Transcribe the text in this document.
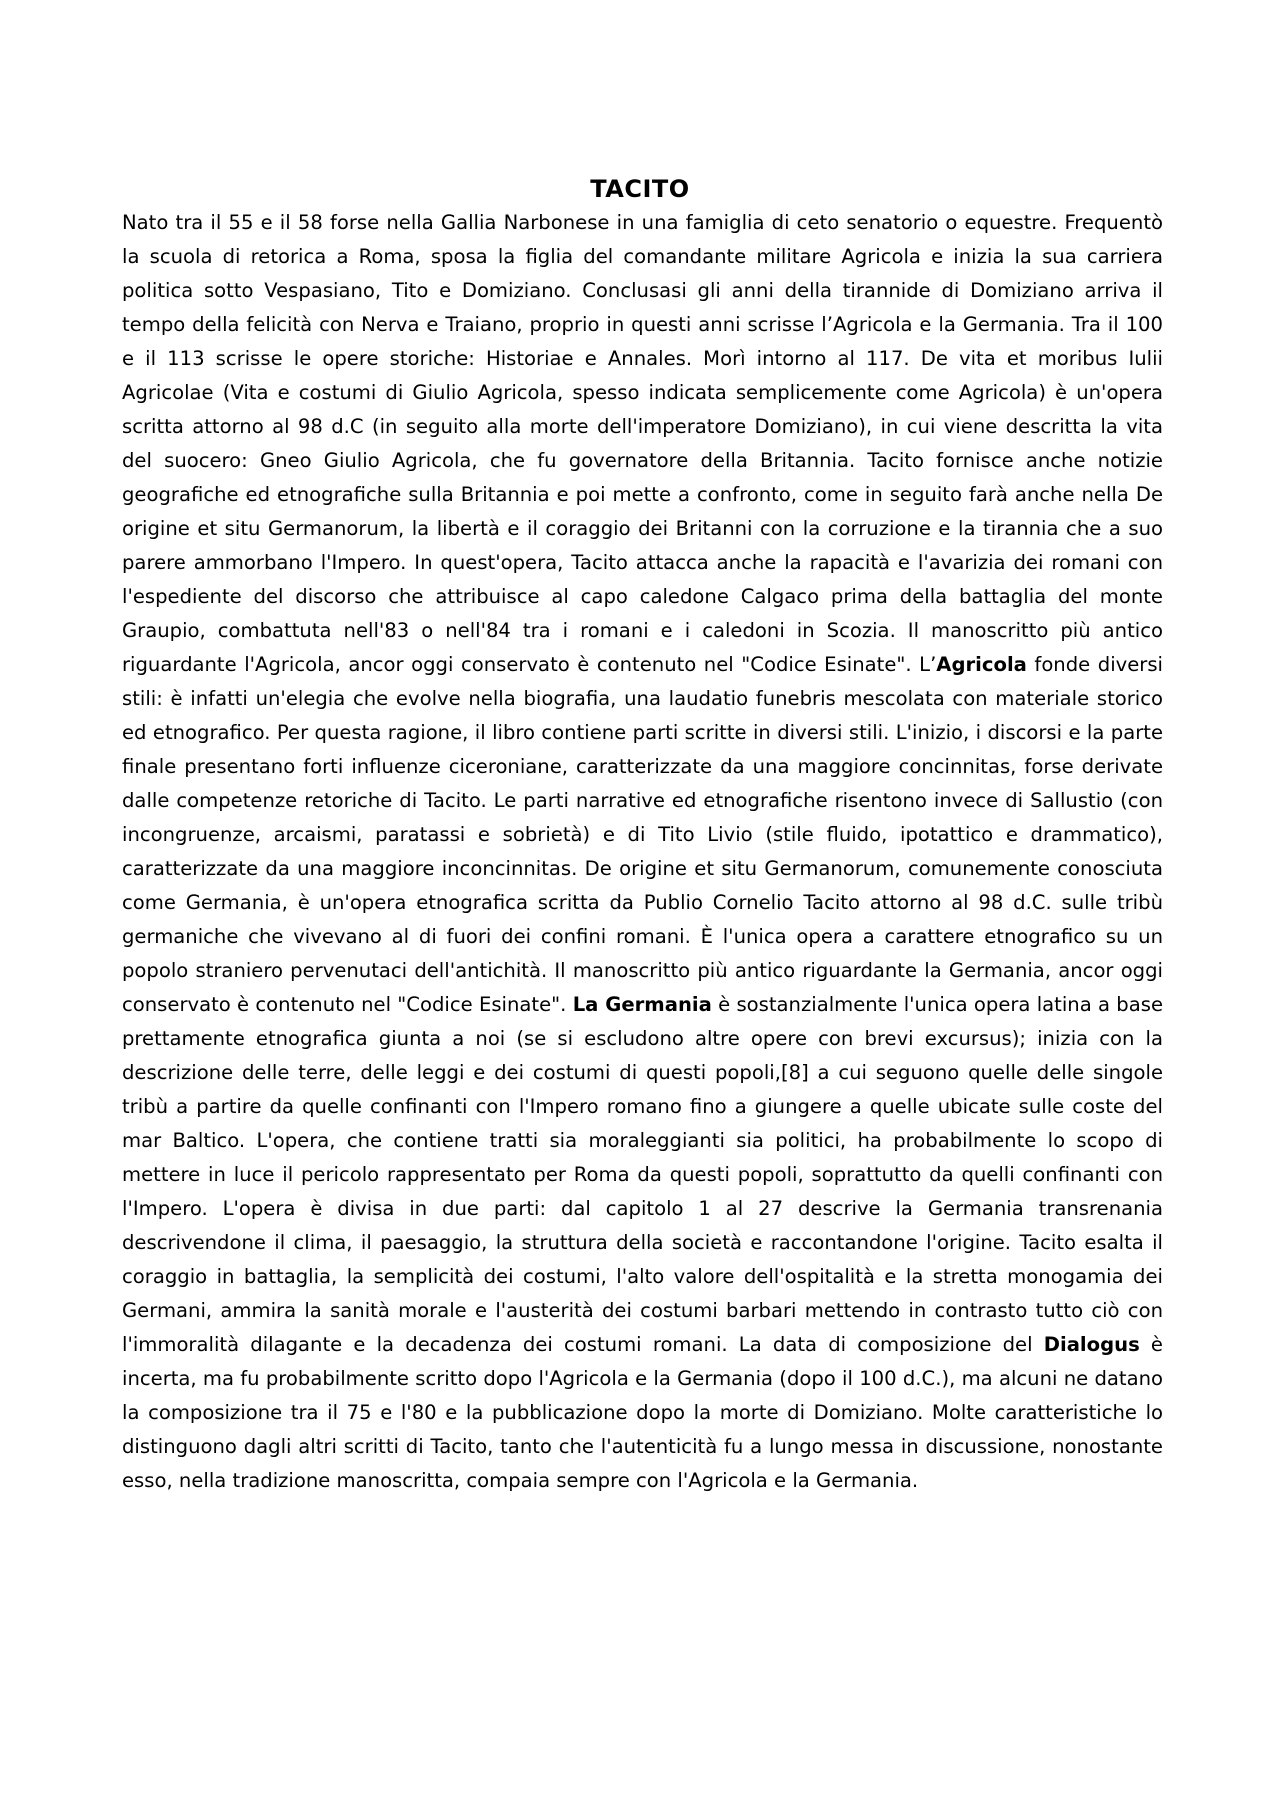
TACITO

Nato tra il 55 e il 58 forse nella Gallia Narbonese in una famiglia di ceto senatorio o equestre. Frequentò la scuola di retorica a Roma, sposa la figlia del comandante militare Agricola e inizia la sua carriera politica sotto Vespasiano, Tito e Domiziano. Conclusasi gli anni della tirannide di Domiziano arriva il tempo della felicità con Nerva e Traiano, proprio in questi anni scrisse l’Agricola e la Germania. Tra il 100 e il 113 scrisse le opere storiche: Historiae e Annales. Morì intorno al 117. De vita et moribus Iulii Agricolae (Vita e costumi di Giulio Agricola, spesso indicata semplicemente come Agricola) è un'opera scritta attorno al 98 d.C (in seguito alla morte dell'imperatore Domiziano), in cui viene descritta la vita del suocero: Gneo Giulio Agricola, che fu governatore della Britannia. Tacito fornisce anche notizie geografiche ed etnografiche sulla Britannia e poi mette a confronto, come in seguito farà anche nella De origine et situ Germanorum, la libertà e il coraggio dei Britanni con la corruzione e la tirannia che a suo parere ammorbano l'Impero. In quest'opera, Tacito attacca anche la rapacità e l'avarizia dei romani con l'espediente del discorso che attribuisce al capo caledone Calgaco prima della battaglia del monte Graupio, combattuta nell'83 o nell'84 tra i romani e i caledoni in Scozia. Il manoscritto più antico riguardante l'Agricola, ancor oggi conservato è contenuto nel "Codice Esinate". L’Agricola fonde diversi stili: è infatti un'elegia che evolve nella biografia, una laudatio funebris mescolata con materiale storico ed etnografico. Per questa ragione, il libro contiene parti scritte in diversi stili. L'inizio, i discorsi e la parte finale presentano forti influenze ciceroniane, caratterizzate da una maggiore concinnitas, forse derivate dalle competenze retoriche di Tacito. Le parti narrative ed etnografiche risentono invece di Sallustio (con incongruenze, arcaismi, paratassi e sobrietà) e di Tito Livio (stile fluido, ipotattico e drammatico), caratterizzate da una maggiore inconcinnitas. De origine et situ Germanorum, comunemente conosciuta come Germania, è un'opera etnografica scritta da Publio Cornelio Tacito attorno al 98 d.C. sulle tribù germaniche che vivevano al di fuori dei confini romani. È l'unica opera a carattere etnografico su un popolo straniero pervenutaci dell'antichità. Il manoscritto più antico riguardante la Germania, ancor oggi conservato è contenuto nel "Codice Esinate". La Germania è sostanzialmente l'unica opera latina a base prettamente etnografica giunta a noi (se si escludono altre opere con brevi excursus); inizia con la descrizione delle terre, delle leggi e dei costumi di questi popoli,[8] a cui seguono quelle delle singole tribù a partire da quelle confinanti con l'Impero romano fino a giungere a quelle ubicate sulle coste del mar Baltico. L'opera, che contiene tratti sia moraleggianti sia politici, ha probabilmente lo scopo di mettere in luce il pericolo rappresentato per Roma da questi popoli, soprattutto da quelli confinanti con l'Impero. L'opera è divisa in due parti: dal capitolo 1 al 27 descrive la Germania transrenania descrivendone il clima, il paesaggio, la struttura della società e raccontandone l'origine. Tacito esalta il coraggio in battaglia, la semplicità dei costumi, l'alto valore dell'ospitalità e la stretta monogamia dei Germani, ammira la sanità morale e l'austerità dei costumi barbari mettendo in contrasto tutto ciò con l'immoralità dilagante e la decadenza dei costumi romani. La data di composizione del Dialogus è incerta, ma fu probabilmente scritto dopo l'Agricola e la Germania (dopo il 100 d.C.), ma alcuni ne datano la composizione tra il 75 e l'80 e la pubblicazione dopo la morte di Domiziano. Molte caratteristiche lo distinguono dagli altri scritti di Tacito, tanto che l'autenticità fu a lungo messa in discussione, nonostante esso, nella tradizione manoscritta, compaia sempre con l'Agricola e la Germania.
